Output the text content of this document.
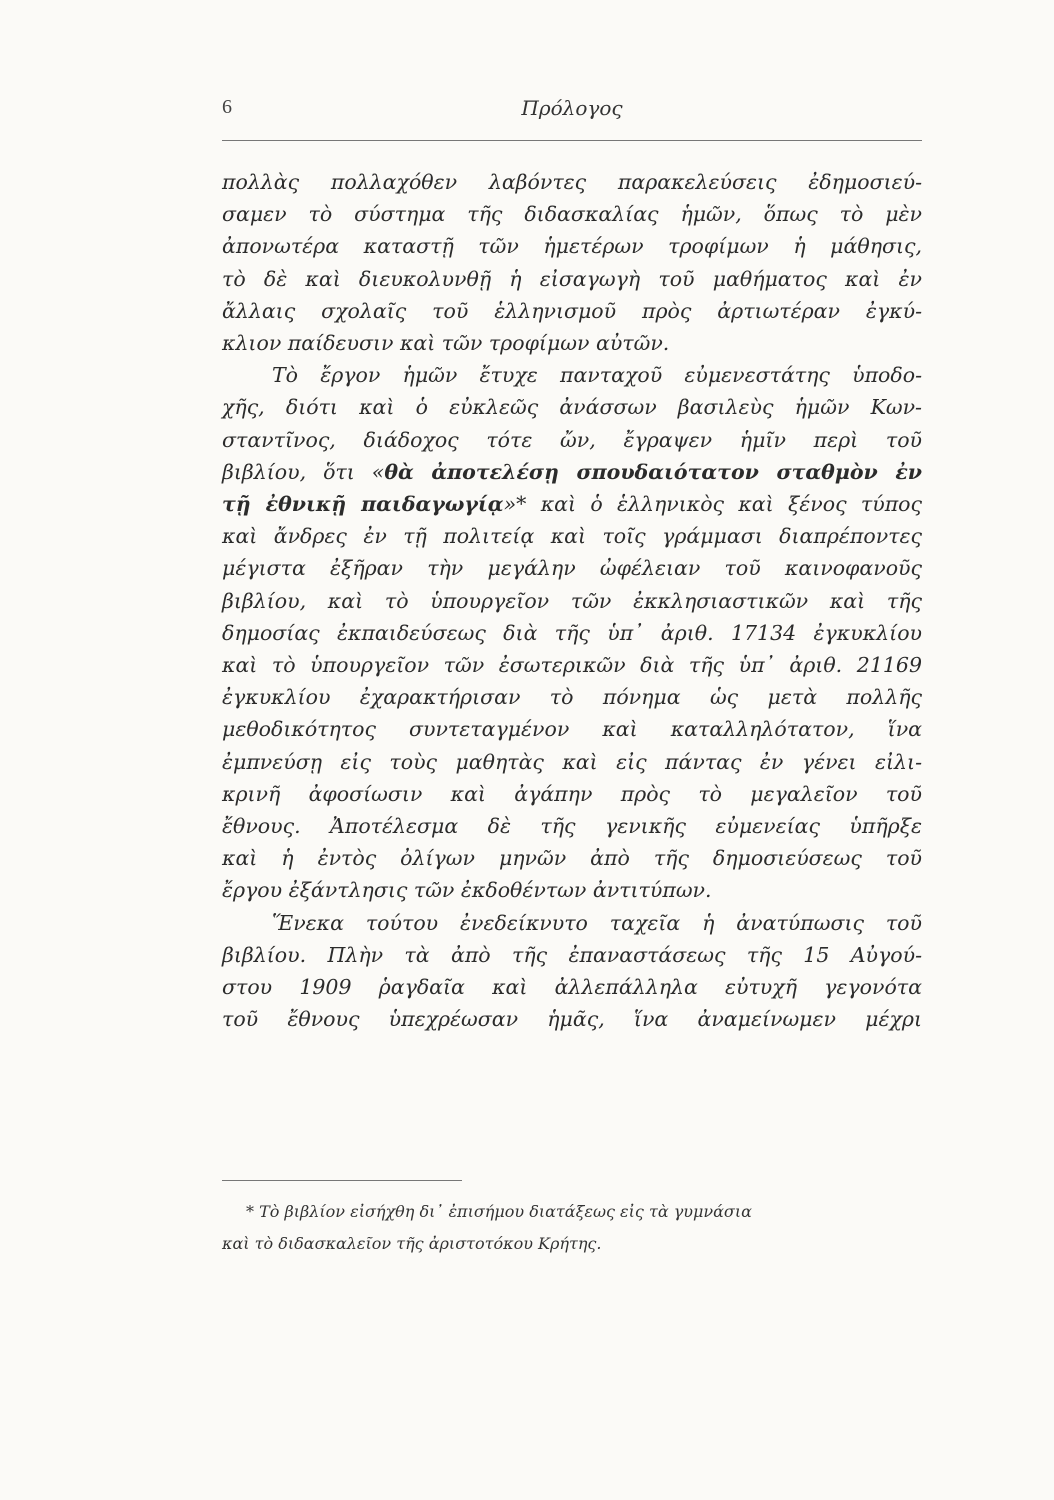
6	Πρόλογος
πολλὰς πολλαχόθεν λαβόντες παρακελεύσεις ἐδημοσιεύ-
σαμεν τὸ σύστημα τῆς διδασκαλίας ἡμῶν, ὅπως τὸ μὲν
ἀπονωτέρα καταστῇ τῶν ἡμετέρων τροφίμων ἡ μάθησις,
τὸ δὲ καὶ διευκολυνθῇ ἡ εἰσαγωγὴ τοῦ μαθήματος καὶ ἐν
ἄλλαις σχολαῖς τοῦ ἑλληνισμοῦ πρὸς ἀρτιωτέραν ἐγκύ-
κλιον παίδευσιν καὶ τῶν τροφίμων αὐτῶν.
Τὸ ἔργον ἡμῶν ἔτυχε πανταχοῦ εὐμενεστάτης ὑποδο-
χῆς, διότι καὶ ὁ εὐκλεῶς ἀνάσσων βασιλεὺς ἡμῶν Κων-
σταντῖνος, διάδοχος τότε ὤν, ἔγραψεν ἡμῖν περὶ τοῦ
βιβλίου, ὅτι «θὰ ἀποτελέσῃ σπουδαιότατον σταθμὸν ἐν
τῇ ἐθνικῇ παιδαγωγίᾳ»* καὶ ὁ ἑλληνικὸς καὶ ξένος τύπος
καὶ ἄνδρες ἐν τῇ πολιτείᾳ καὶ τοῖς γράμμασι διαπρέποντες
μέγιστα ἐξῆραν τὴν μεγάλην ὠφέλειαν τοῦ καινοφανοῦς
βιβλίου, καὶ τὸ ὑπουργεῖον τῶν ἐκκλησιαστικῶν καὶ τῆς
δημοσίας ἐκπαιδεύσεως διὰ τῆς ὑπ᾽ ἀριθ. 17134 ἐγκυκλίου
καὶ τὸ ὑπουργεῖον τῶν ἐσωτερικῶν διὰ τῆς ὑπ᾽ ἀριθ. 21169
ἐγκυκλίου ἐχαρακτήρισαν τὸ πόνημα ὡς μετὰ πολλῆς
μεθοδικότητος συντεταγμένον καὶ καταλληλότατον, ἵνα
ἐμπνεύσῃ εἰς τοὺς μαθητὰς καὶ εἰς πάντας ἐν γένει εἰλι-
κρινῆ ἀφοσίωσιν καὶ ἀγάπην πρὸς τὸ μεγαλεῖον τοῦ
ἔθνους. Ἀποτέλεσμα δὲ τῆς γενικῆς εὐμενείας ὑπῆρξε
καὶ ἡ ἐντὸς ὀλίγων μηνῶν ἀπὸ τῆς δημοσιεύσεως τοῦ
ἔργου ἐξάντλησις τῶν ἐκδοθέντων ἀντιτύπων.
Ἕνεκα τούτου ἐνεδείκνυτο ταχεῖα ἡ ἀνατύπωσις τοῦ
βιβλίου. Πλὴν τὰ ἀπὸ τῆς ἐπαναστάσεως τῆς 15 Αὐγού-
στου 1909 ῥαγδαῖα καὶ ἀλλεπάλληλα εὐτυχῆ γεγονότα
τοῦ ἔθνους ὑπεχρέωσαν ἡμᾶς, ἵνα ἀναμείνωμεν μέχρι
* Τὸ βιβλίον εἰσήχθη δι᾽ ἐπισήμου διατάξεως εἰς τὰ γυμνάσια
καὶ τὸ διδασκαλεῖον τῆς ἀριστοτόκου Κρήτης.
